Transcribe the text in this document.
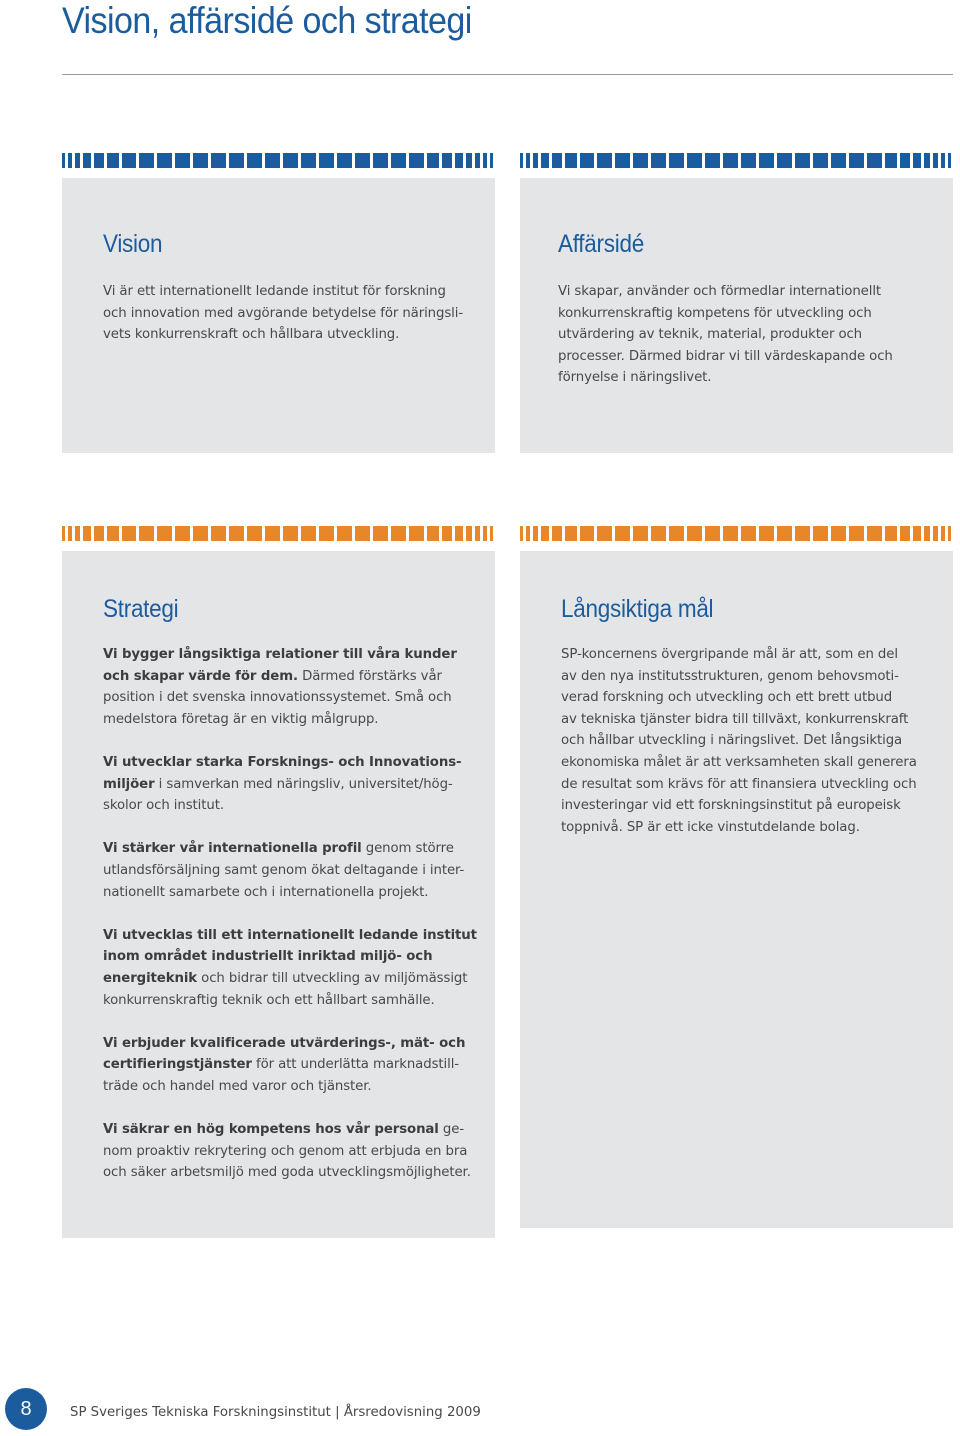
Vision, affärsidé och strategi
Vision

Vi är ett internationellt ledande institut för forskning

och innovation med avgörande betydelse för näringsli-

vets konkurrenskraft och hållbara utveckling.

Affärsidé

Vi skapar, använder och förmedlar internationellt

konkurrenskraftig kompetens för utveckling och

utvärdering av teknik, material, produkter och

processer. Därmed bidrar vi till värdeskapande och

förnyelse i näringslivet.

Strategi

Vi bygger långsiktiga relationer till våra kunder

och skapar värde för dem. Därmed förstärks vår

position i det svenska innovationssystemet. Små och

medelstora företag är en viktig målgrupp.

Vi utvecklar starka Forsknings- och Innovations-

miljöer i samverkan med näringsliv, universitet/hög-

skolor och institut.

Vi stärker vår internationella profil genom större

utlandsförsäljning samt genom ökat deltagande i inter-

nationellt samarbete och i internationella projekt.

Vi utvecklas till ett internationellt ledande institut

inom området industriellt inriktad miljö- och

energiteknik och bidrar till utveckling av miljömässigt

konkurrenskraftig teknik och ett hållbart samhälle.

Vi erbjuder kvalificerade utvärderings-, mät- och

certifieringstjänster för att underlätta marknadstill-

träde och handel med varor och tjänster.

Vi säkrar en hög kompetens hos vår personal ge-

nom proaktiv rekrytering och genom att erbjuda en bra

och säker arbetsmiljö med goda utvecklingsmöjligheter.

Långsiktiga mål

SP-koncernens övergripande mål är att, som en del

av den nya institutsstrukturen, genom behovsmoti-

verad forskning och utveckling och ett brett utbud

av tekniska tjänster bidra till tillväxt, konkurrenskraft

och hållbar utveckling i näringslivet. Det långsiktiga

ekonomiska målet är att verksamheten skall generera

de resultat som krävs för att finansiera utveckling och

investeringar vid ett forskningsinstitut på europeisk

toppnivå. SP är ett icke vinstutdelande bolag.

8	SP Sveriges Tekniska Forskningsinstitut | Årsredovisning 2009
